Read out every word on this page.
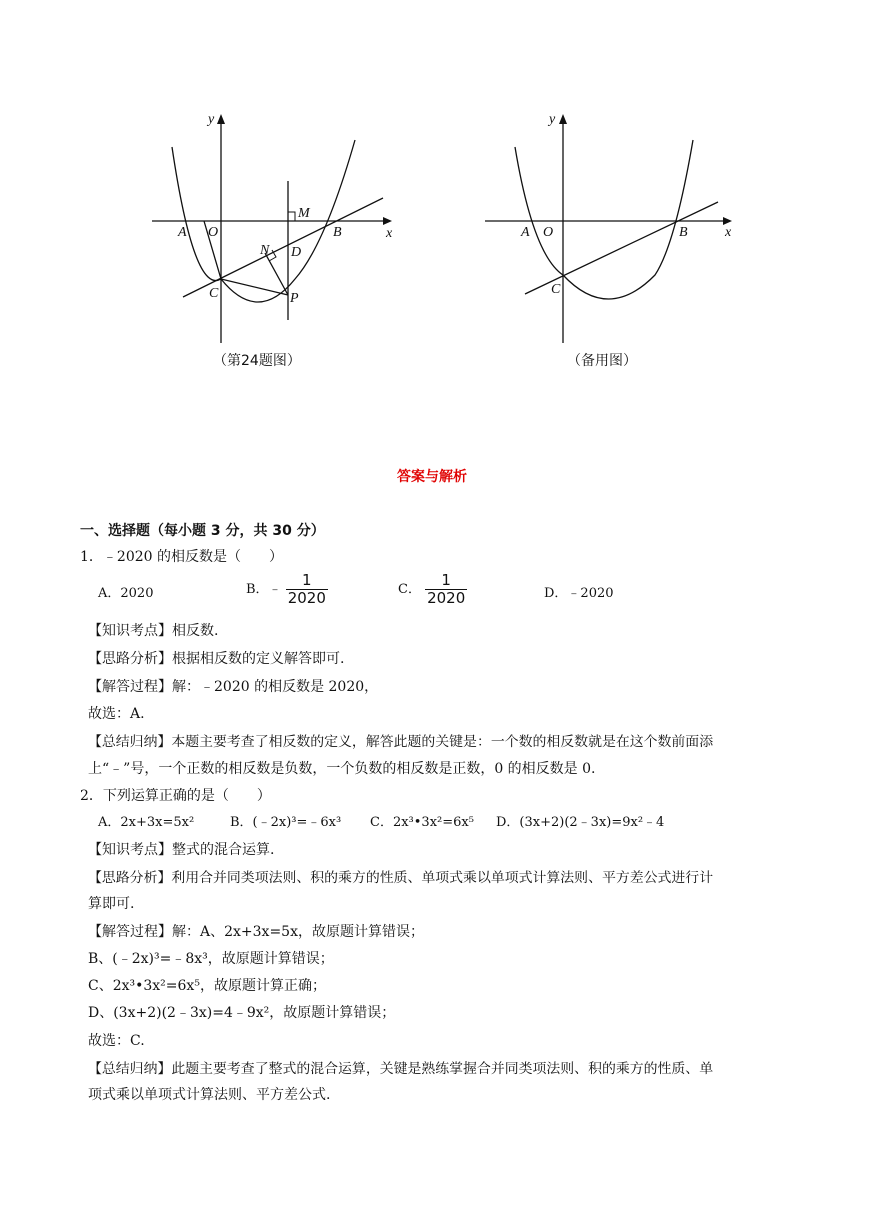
y
x
A O	B
C
D
M
N
P
（第24题图）
y
x
A O	B
C
（备用图）
答案与解析
一、选择题（每小题 3 分，共 30 分）
1．﹣2020 的相反数是（　　）
A．2020	B．﹣ $\frac{1}{2020}$	C． $\frac{1}{2020}$	D．﹣2020
【知识考点】相反数.
【思路分析】根据相反数的定义解答即可.
【解答过程】解：﹣2020 的相反数是 2020，
故选：A.
【总结归纳】本题主要考查了相反数的定义，解答此题的关键是：一个数的相反数就是在这个数前面添
上“﹣”号，一个正数的相反数是负数，一个负数的相反数是正数，0 的相反数是 0.
2．下列运算正确的是（　　）
A．2x+3x=5x²	B．(﹣2x)³=﹣6x³ C．2x³•3x²=6x⁵ D．(3x+2)(2﹣3x)=9x²﹣4
【知识考点】整式的混合运算.
【思路分析】利用合并同类项法则、积的乘方的性质、单项式乘以单项式计算法则、平方差公式进行计
算即可.
【解答过程】解：A、2x+3x=5x，故原题计算错误；
B、(﹣2x)³=﹣8x³，故原题计算错误；
C、2x³•3x²=6x⁵，故原题计算正确；
D、(3x+2)(2﹣3x)=4﹣9x²，故原题计算错误；
故选：C.
【总结归纳】此题主要考查了整式的混合运算，关键是熟练掌握合并同类项法则、积的乘方的性质、单
项式乘以单项式计算法则、平方差公式.
